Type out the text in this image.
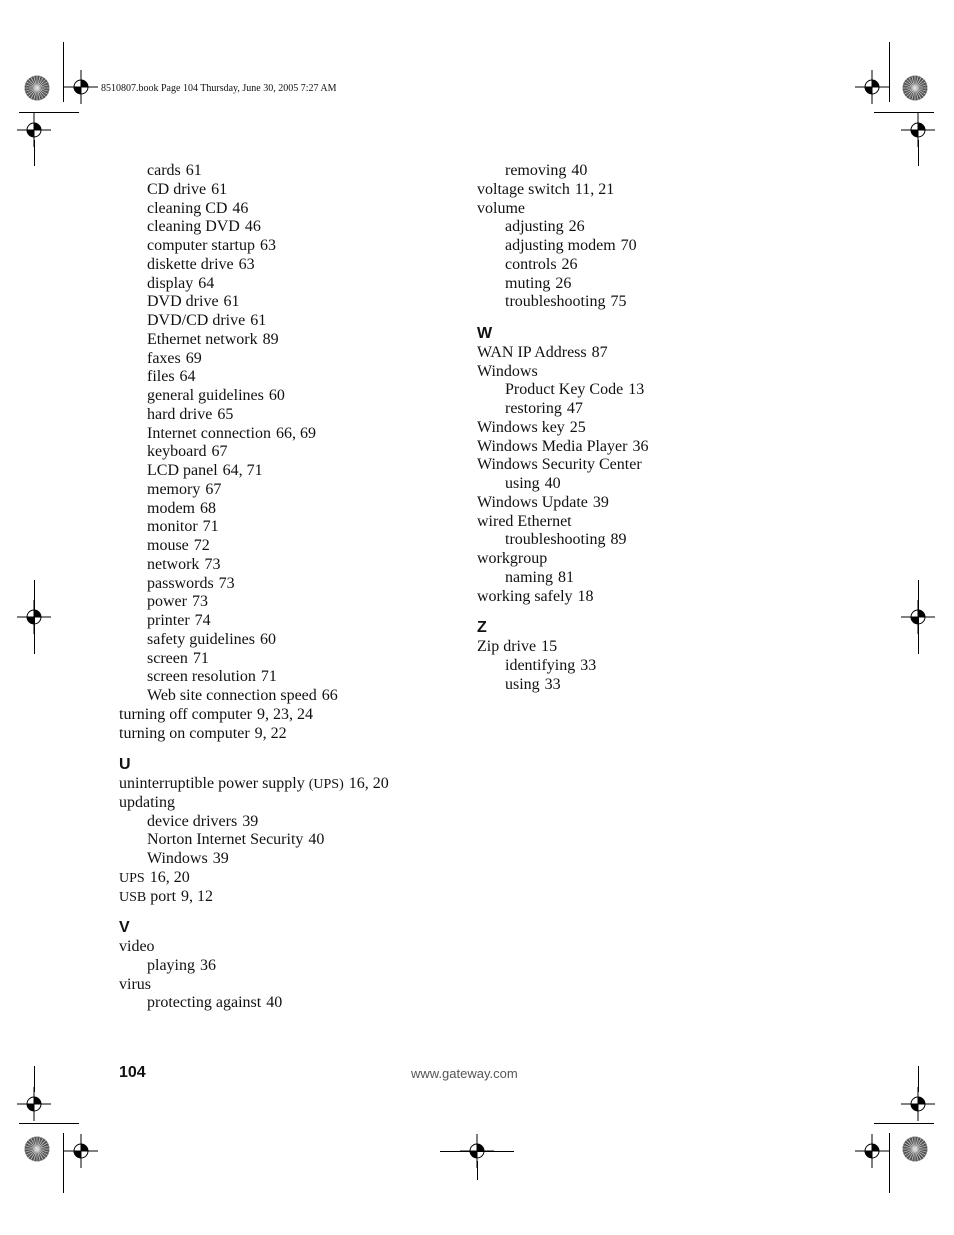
8510807.book Page 104 Thursday, June 30, 2005 7:27 AM
cards 61
CD drive 61
cleaning CD 46
cleaning DVD 46
computer startup 63
diskette drive 63
display 64
DVD drive 61
DVD/CD drive 61
Ethernet network 89
faxes 69
files 64
general guidelines 60
hard drive 65
Internet connection 66, 69
keyboard 67
LCD panel 64, 71
memory 67
modem 68
monitor 71
mouse 72
network 73
passwords 73
power 73
printer 74
safety guidelines 60
screen 71
screen resolution 71
Web site connection speed 66
turning off computer 9, 23, 24
turning on computer 9, 22
U
uninterruptible power supply (UPS) 16, 20
updating
device drivers 39
Norton Internet Security 40
Windows 39
UPS 16, 20
USB port 9, 12
V
video
playing 36
virus
protecting against 40
removing 40
voltage switch 11, 21
volume
adjusting 26
adjusting modem 70
controls 26
muting 26
troubleshooting 75
W
WAN IP Address 87
Windows
Product Key Code 13
restoring 47
Windows key 25
Windows Media Player 36
Windows Security Center
using 40
Windows Update 39
wired Ethernet
troubleshooting 89
workgroup
naming 81
working safely 18
Z
Zip drive 15
identifying 33
using 33
104	www.gateway.com
